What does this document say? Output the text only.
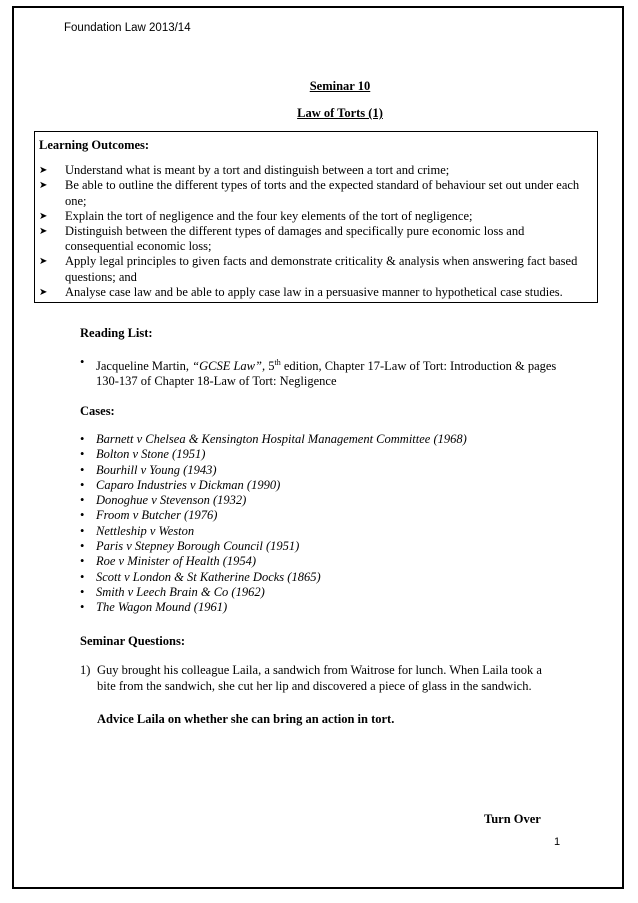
Foundation Law 2013/14
Seminar 10
Law of Torts (1)
Learning Outcomes:
➤ Understand what is meant by a tort and distinguish between a tort and crime;
➤ Be able to outline the different types of torts and the expected standard of behaviour set out under each one;
➤ Explain the tort of negligence and the four key elements of the tort of negligence;
➤ Distinguish between the different types of damages and specifically pure economic loss and consequential economic loss;
➤ Apply legal principles to given facts and demonstrate criticality & analysis when answering fact based questions; and
➤ Analyse case law and be able to apply case law in a persuasive manner to hypothetical case studies.
Reading List:
• Jacqueline Martin, “GCSE Law”, 5th edition, Chapter 17-Law of Tort: Introduction & pages 130-137 of Chapter 18-Law of Tort: Negligence
Cases:
• Barnett v Chelsea & Kensington Hospital Management Committee (1968)
• Bolton v Stone (1951)
• Bourhill v Young (1943)
• Caparo Industries v Dickman (1990)
• Donoghue v Stevenson (1932)
• Froom v Butcher (1976)
• Nettleship v Weston
• Paris v Stepney Borough Council (1951)
• Roe v Minister of Health (1954)
• Scott v London & St Katherine Docks (1865)
• Smith v Leech Brain & Co (1962)
• The Wagon Mound (1961)
Seminar Questions:
1) Guy brought his colleague Laila, a sandwich from Waitrose for lunch. When Laila took a bite from the sandwich, she cut her lip and discovered a piece of glass in the sandwich.
Advice Laila on whether she can bring an action in tort.
Turn Over
1
